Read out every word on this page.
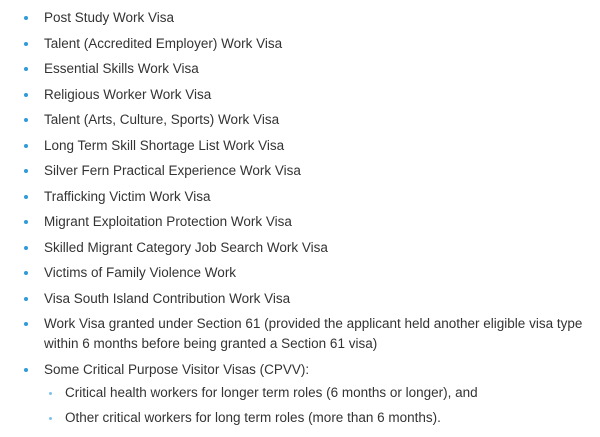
Post Study Work Visa
Talent (Accredited Employer) Work Visa
Essential Skills Work Visa
Religious Worker Work Visa
Talent (Arts, Culture, Sports) Work Visa
Long Term Skill Shortage List Work Visa
Silver Fern Practical Experience Work Visa
Trafficking Victim Work Visa
Migrant Exploitation Protection Work Visa
Skilled Migrant Category Job Search Work Visa
Victims of Family Violence Work
Visa South Island Contribution Work Visa
Work Visa granted under Section 61 (provided the applicant held another eligible visa type within 6 months before being granted a Section 61 visa)
Some Critical Purpose Visitor Visas (CPVV):
Critical health workers for longer term roles (6 months or longer), and
Other critical workers for long term roles (more than 6 months).
